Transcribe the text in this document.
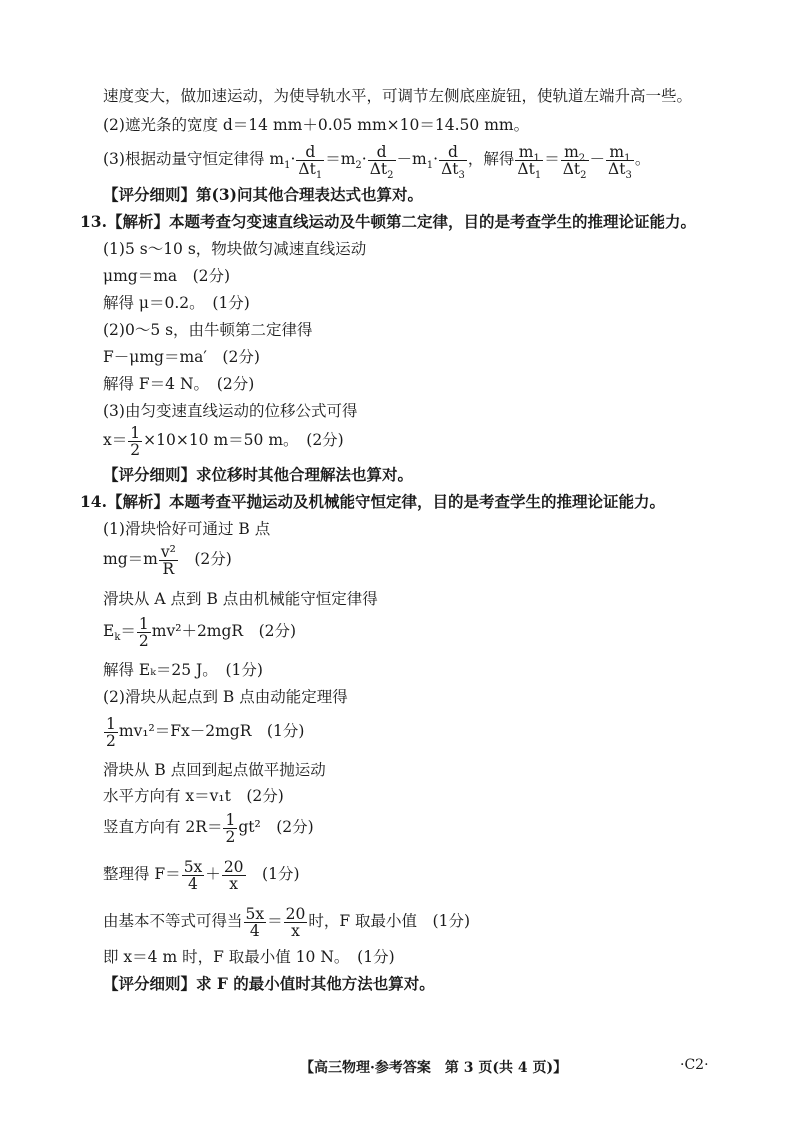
速度变大，做加速运动，为使导轨水平，可调节左侧底座旋钮，使轨道左端升高一些。
(2)遮光条的宽度 d＝14 mm＋0.05 mm×10＝14.50 mm。
(3)根据动量守恒定律得 $m_1\cdot \frac{d}{\Delta t_1} =m_2\cdot \frac{d}{\Delta t_2} -m_1\cdot \frac{d}{\Delta t_3}$ ，解得 $\frac{m_1}{\Delta t_1} = \frac{m_2}{\Delta t_2} - \frac{m_1}{\Delta t_3}$ 。
【评分细则】第(3)问其他合理表达式也算对。
13.【解析】本题考查匀变速直线运动及牛顿第二定律，目的是考查学生的推理论证能力。
(1)5 s～10 s，物块做匀减速直线运动
μmg＝ma　(2分)
解得 μ＝0.2。　(1分)
(2)0～5 s，由牛顿第二定律得
F－μmg＝ma′　(2分)
解得 F＝4 N。　(2分)
(3)由匀变速直线运动的位移公式可得
$x= \frac{1}{2} \times 10\times 10$ m＝50 m。　(2分)
【评分细则】求位移时其他合理解法也算对。
14.【解析】本题考查平抛运动及机械能守恒定律，目的是考查学生的推理论证能力。
(1)滑块恰好可通过 B 点
$mg=m \frac{\text{v²}}{R}$ 　(2分)
滑块从 A 点到 B 点由机械能守恒定律得
$E_k= \frac{1}{2} mv^2+2mgR$　(2分)
解得 Eₖ＝25 J。　(1分)
(2)滑块从起点到 B 点由动能定理得
$\frac{1}{2} mv_1^2=Fx-2mgR$　(1分)
滑块从 B 点回到起点做平抛运动
水平方向有 x＝v₁t　(2分)
竖直方向有 $2R= \frac{1}{2} gt^2$　(2分)
整理得 $F= \frac{5x}{4} + \frac{20}{x}$ 　(1分)
由基本不等式可得当 $\frac{5x}{4} = \frac{20}{x}$ 时，F 取最小值　(1分)
即 x＝4 m 时，F 取最小值 10 N。　(1分)
【评分细则】求 F 的最小值时其他方法也算对。
【高三物理·参考答案　第 3 页(共 4 页)】	·C2·
